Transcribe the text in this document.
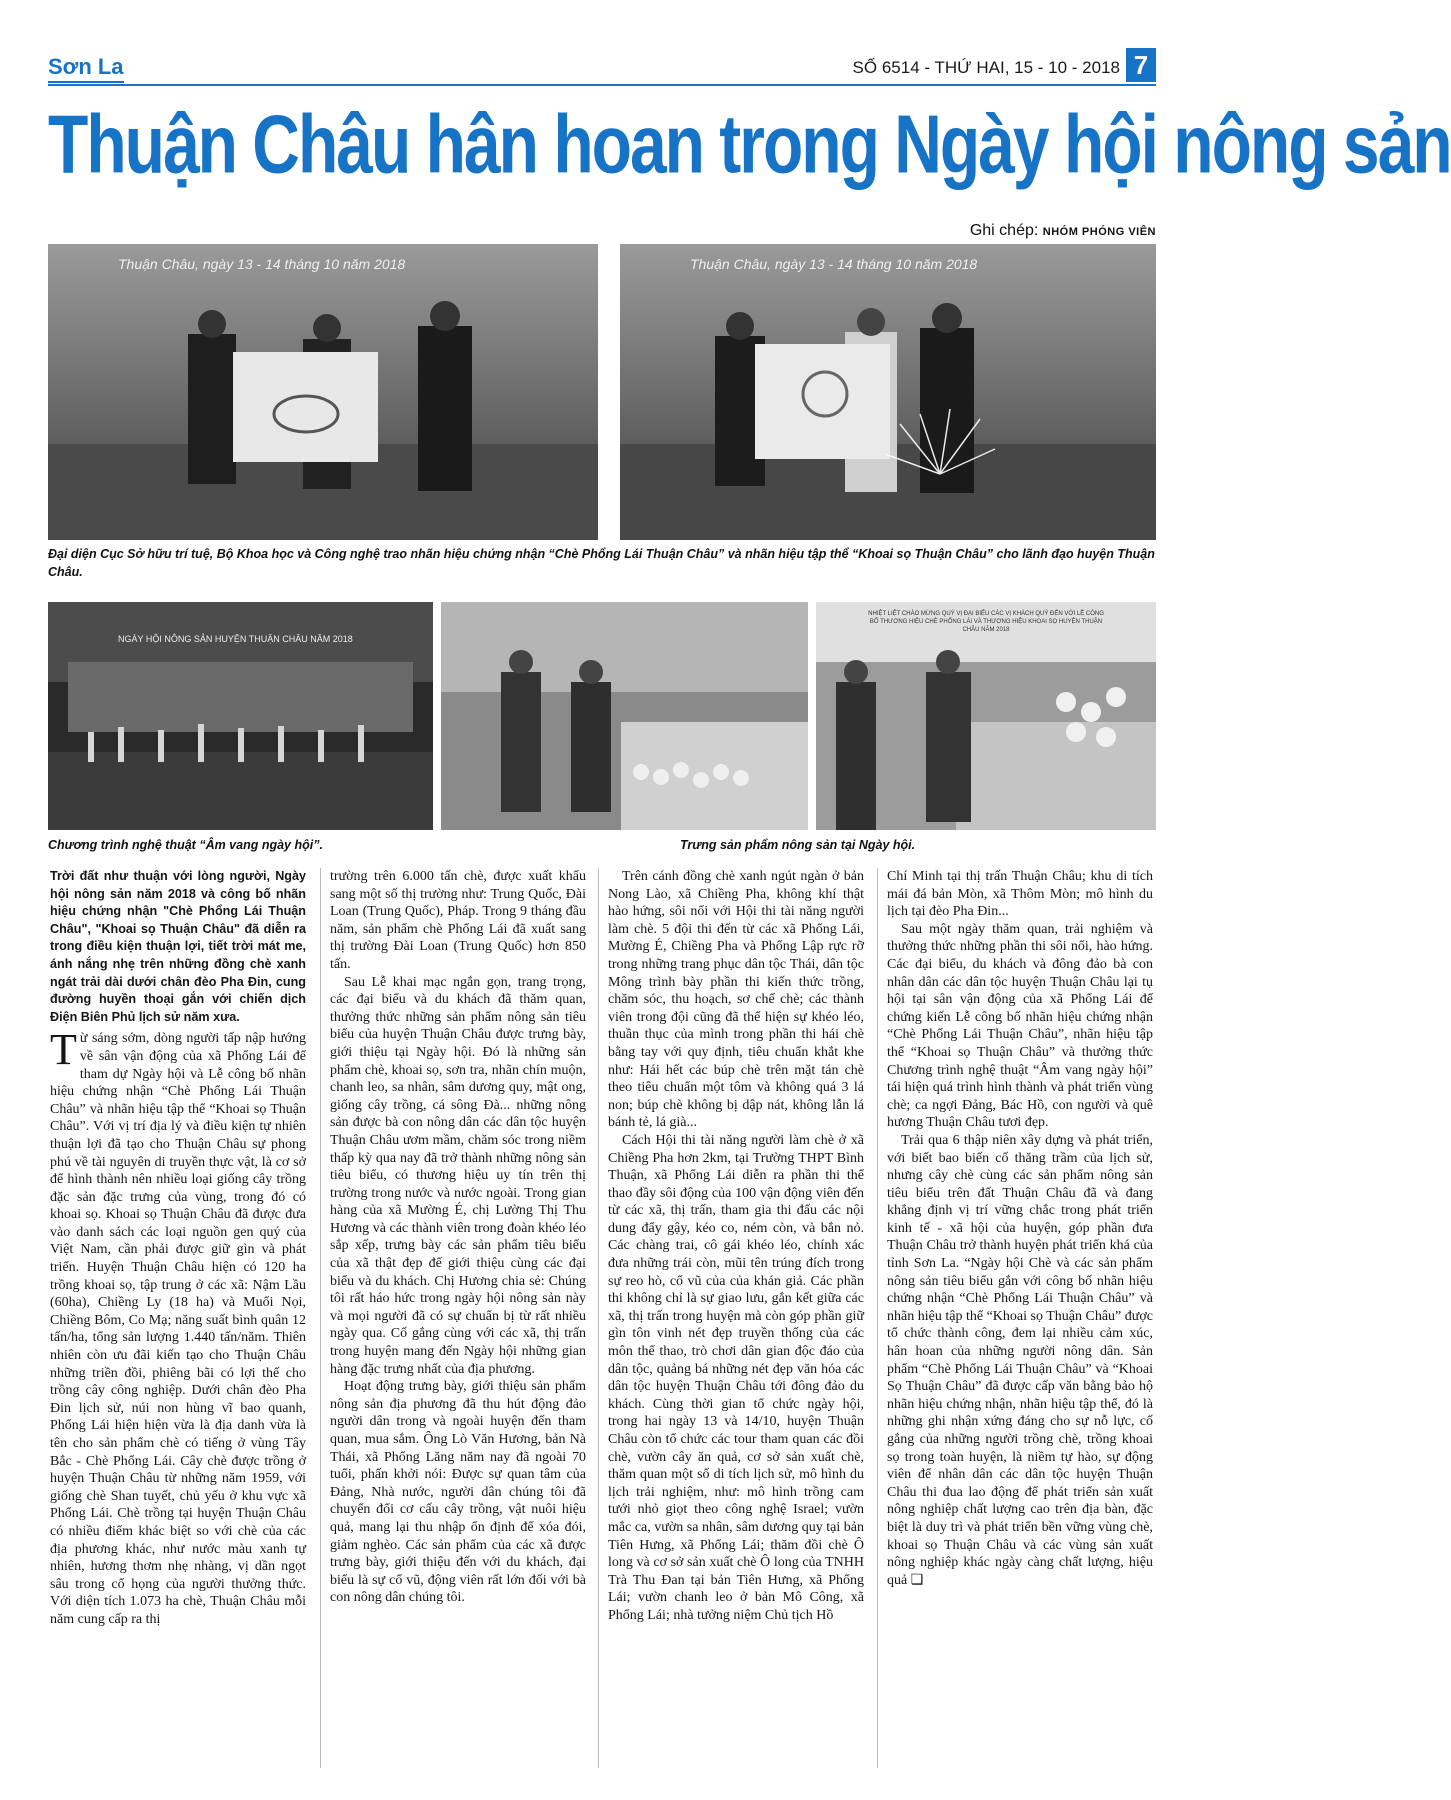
Sơn La	SỐ 6514 - THỨ HAI, 15 - 10 - 2018 7
Thuận Châu hân hoan trong Ngày hội nông sản
Ghi chép: NHÓM PHÓNG VIÊN
Thuận Châu, ngày 13 - 14 tháng 10 năm 2018	Thuận Châu, ngày 13 - 14 tháng 10 năm 2018
Đại diện Cục Sở hữu trí tuệ, Bộ Khoa học và Công nghệ trao nhãn hiệu chứng nhận “Chè Phổng Lái Thuận Châu” và nhãn hiệu tập thể “Khoai sọ Thuận Châu” cho lãnh đạo huyện Thuận Châu.
NGÀY HỘI NÔNG SẢN HUYỆN THUẬN CHÂU NĂM 2018
NHIỆT LIỆT CHÀO MỪNG QUÝ VỊ ĐẠI BIỂU CÁC VỊ KHÁCH QUÝ ĐẾN VỚI LỄ CÔNG BỐ THƯƠNG HIỆU CHÈ PHỔNG LÁI VÀ THƯƠNG HIỆU KHOAI SỌ HUYỆN THUẬN CHÂU NĂM 2018
Chương trình nghệ thuật “Âm vang ngày hội”.	Trưng sản phẩm nông sản tại Ngày hội.

Trời đất như thuận với lòng người, Ngày hội nông sản năm 2018 và công bố nhãn hiệu chứng nhận "Chè Phổng Lái Thuận Châu", "Khoai sọ Thuận Châu" đã diễn ra trong điều kiện thuận lợi, tiết trời mát me, ánh nắng nhẹ trên những đồng chè xanh ngát trải dài dưới chân đèo Pha Đin, cung đường huyền thoại gắn với chiến dịch Điện Biên Phủ lịch sử năm xưa.

Từ sáng sớm, dòng người tấp nập hướng về sân vận động của xã Phổng Lái để tham dự Ngày hội và Lễ công bố nhãn hiệu chứng nhận “Chè Phổng Lái Thuận Châu” và nhãn hiệu tập thể “Khoai sọ Thuận Châu”. Với vị trí địa lý và điều kiện tự nhiên thuận lợi đã tạo cho Thuận Châu sự phong phú về tài nguyên di truyền thực vật, là cơ sở để hình thành nên nhiều loại giống cây trồng đặc sản đặc trưng của vùng, trong đó có khoai sọ. Khoai sọ Thuận Châu đã được đưa vào danh sách các loại nguồn gen quý của Việt Nam, cần phải được giữ gìn và phát triển. Huyện Thuận Châu hiện có 120 ha trồng khoai sọ, tập trung ở các xã: Nậm Lầu (60ha), Chiềng Ly (18 ha) và Muổi Nọi, Chiềng Bôm, Co Mạ; năng suất bình quân 12 tấn/ha, tổng sản lượng 1.440 tấn/năm. Thiên nhiên còn ưu đãi kiến tạo cho Thuận Châu những triền đồi, phiêng bãi có lợi thế cho trồng cây công nghiệp. Dưới chân đèo Pha Đin lịch sử, núi non hùng vĩ bao quanh, Phổng Lái hiện hiện vừa là địa danh vừa là tên cho sản phẩm chè có tiếng ở vùng Tây Bắc - Chè Phổng Lái. Cây chè được trồng ở huyện Thuận Châu từ những năm 1959, với giống chè Shan tuyết, chủ yếu ở khu vực xã Phổng Lái. Chè trồng tại huyện Thuận Châu có nhiều điểm khác biệt so với chè của các địa phương khác, như nước màu xanh tự nhiên, hương thơm nhẹ nhàng, vị dần ngọt sâu trong cổ họng của người thưởng thức. Với diện tích 1.073 ha chè, Thuận Châu mỗi năm cung cấp ra thị

trường trên 6.000 tấn chè, được xuất khẩu sang một số thị trường như: Trung Quốc, Đài Loan (Trung Quốc), Pháp. Trong 9 tháng đầu năm, sản phẩm chè Phổng Lái đã xuất sang thị trường Đài Loan (Trung Quốc) hơn 850 tấn.

Sau Lễ khai mạc ngắn gọn, trang trọng, các đại biểu và du khách đã thăm quan, thưởng thức những sản phẩm nông sản tiêu biểu của huyện Thuận Châu được trưng bày, giới thiệu tại Ngày hội. Đó là những sản phẩm chè, khoai sọ, sơn tra, nhãn chín muộn, chanh leo, sa nhân, sâm dương quy, mật ong, giống cây trồng, cá sông Đà... những nông sản được bà con nông dân các dân tộc huyện Thuận Châu ươm mầm, chăm sóc trong niềm thấp kỳ qua nay đã trở thành những nông sản tiêu biểu, có thương hiệu uy tín trên thị trường trong nước và nước ngoài. Trong gian hàng của xã Mường É, chị Lường Thị Thu Hương và các thành viên trong đoàn khéo léo sắp xếp, trưng bày các sản phẩm tiêu biểu của xã thật đẹp để giới thiệu cùng các đại biểu và du khách. Chị Hương chia sẻ: Chúng tôi rất háo hức trong ngày hội nông sản này và mọi người đã có sự chuẩn bị từ rất nhiều ngày qua. Cố gắng cùng với các xã, thị trấn trong huyện mang đến Ngày hội những gian hàng đặc trưng nhất của địa phương.

Hoạt động trưng bày, giới thiệu sản phẩm nông sản địa phương đã thu hút động đảo người dân trong và ngoài huyện đến tham quan, mua sắm. Ông Lò Văn Hương, bản Nà Thái, xã Phổng Lăng năm nay đã ngoài 70 tuổi, phấn khởi nói: Được sự quan tâm của Đảng, Nhà nước, người dân chúng tôi đã chuyển đổi cơ cấu cây trồng, vật nuôi hiệu quả, mang lại thu nhập ổn định để xóa đói, giảm nghèo. Các sản phẩm của các xã được trưng bày, giới thiệu đến với du khách, đại biểu là sự cổ vũ, động viên rất lớn đối với bà con nông dân chúng tôi.

Trên cánh đồng chè xanh ngút ngàn ở bản Nong Lào, xã Chiềng Pha, không khí thật hào hứng, sôi nổi với Hội thi tài năng người làm chè. 5 đội thi đến từ các xã Phổng Lái, Mường É, Chiềng Pha và Phổng Lập rực rỡ trong những trang phục dân tộc Thái, dân tộc Mông trình bày phần thi kiến thức trồng, chăm sóc, thu hoạch, sơ chế chè; các thành viên trong đội cũng đã thể hiện sự khéo léo, thuần thục của mình trong phần thi hái chè bằng tay với quy định, tiêu chuẩn khắt khe như: Hái hết các búp chè trên mặt tán chè theo tiêu chuẩn một tôm và không quá 3 lá non; búp chè không bị dập nát, không lẫn lá bánh tẻ, lá già...

Cách Hội thi tài năng người làm chè ở xã Chiềng Pha hơn 2km, tại Trường THPT Bình Thuận, xã Phổng Lái diễn ra phần thi thể thao đầy sôi động của 100 vận động viên đến từ các xã, thị trấn, tham gia thi đấu các nội dung đẩy gậy, kéo co, ném còn, và bắn nỏ. Các chàng trai, cô gái khéo léo, chính xác đưa những trái còn, mũi tên trúng đích trong sự reo hò, cổ vũ của của khán giả. Các phần thi không chỉ là sự giao lưu, gắn kết giữa các xã, thị trấn trong huyện mà còn góp phần giữ gìn tôn vinh nét đẹp truyền thống của các môn thể thao, trò chơi dân gian độc đáo của dân tộc, quảng bá những nét đẹp văn hóa các dân tộc huyện Thuận Châu tới đông đảo du khách. Cùng thời gian tổ chức ngày hội, trong hai ngày 13 và 14/10, huyện Thuận Châu còn tổ chức các tour tham quan các đồi chè, vườn cây ăn quả, cơ sở sản xuất chè, thăm quan một số di tích lịch sử, mô hình du lịch trải nghiệm, như: mô hình trồng cam tưới nhỏ giọt theo công nghệ Israel; vườn mắc ca, vườn sa nhân, sâm dương quy tại bản Tiên Hưng, xã Phổng Lái; thăm đồi chè Ô long và cơ sở sản xuất chè Ô long của TNHH Trà Thu Đan tại bản Tiên Hưng, xã Phổng Lái; vườn chanh leo ở bản Mô Công, xã Phổng Lái; nhà tưởng niệm Chủ tịch Hồ

Chí Minh tại thị trấn Thuận Châu; khu di tích mái đá bản Mòn, xã Thôm Mòn; mô hình du lịch tại đèo Pha Đin...

Sau một ngày thăm quan, trải nghiệm và thưởng thức những phần thi sôi nổi, hào hứng. Các đại biểu, du khách và đông đảo bà con nhân dân các dân tộc huyện Thuận Châu lại tụ hội tại sân vận động của xã Phổng Lái để chứng kiến Lễ công bố nhãn hiệu chứng nhận “Chè Phổng Lái Thuận Châu”, nhãn hiệu tập thể “Khoai sọ Thuận Châu” và thưởng thức Chương trình nghệ thuật “Âm vang ngày hội” tái hiện quá trình hình thành và phát triển vùng chè; ca ngợi Đảng, Bác Hồ, con người và quê hương Thuận Châu tươi đẹp.

Trải qua 6 thập niên xây dựng và phát triển, với biết bao biến cố thăng trầm của lịch sử, nhưng cây chè cùng các sản phẩm nông sản tiêu biểu trên đất Thuận Châu đã và đang khẳng định vị trí vững chắc trong phát triển kinh tế - xã hội của huyện, góp phần đưa Thuận Châu trở thành huyện phát triển khá của tỉnh Sơn La. “Ngày hội Chè và các sản phẩm nông sản tiêu biểu gắn với công bố nhãn hiệu chứng nhận “Chè Phổng Lái Thuận Châu” và nhãn hiệu tập thể “Khoai sọ Thuận Châu” được tổ chức thành công, đem lại nhiều cảm xúc, hân hoan của những người nông dân. Sản phẩm “Chè Phổng Lái Thuận Châu” và “Khoai Sọ Thuận Châu” đã được cấp văn bằng bảo hộ nhãn hiệu chứng nhận, nhãn hiệu tập thể, đó là những ghi nhận xứng đáng cho sự nỗ lực, cố gắng của những người trồng chè, trồng khoai sọ trong toàn huyện, là niềm tự hào, sự động viên để nhân dân các dân tộc huyện Thuận Châu thi đua lao động để phát triển sản xuất nông nghiệp chất lượng cao trên địa bàn, đặc biệt là duy trì và phát triển bền vững vùng chè, khoai sọ Thuận Châu và các vùng sản xuất nông nghiệp khác ngày càng chất lượng, hiệu quả ❑
